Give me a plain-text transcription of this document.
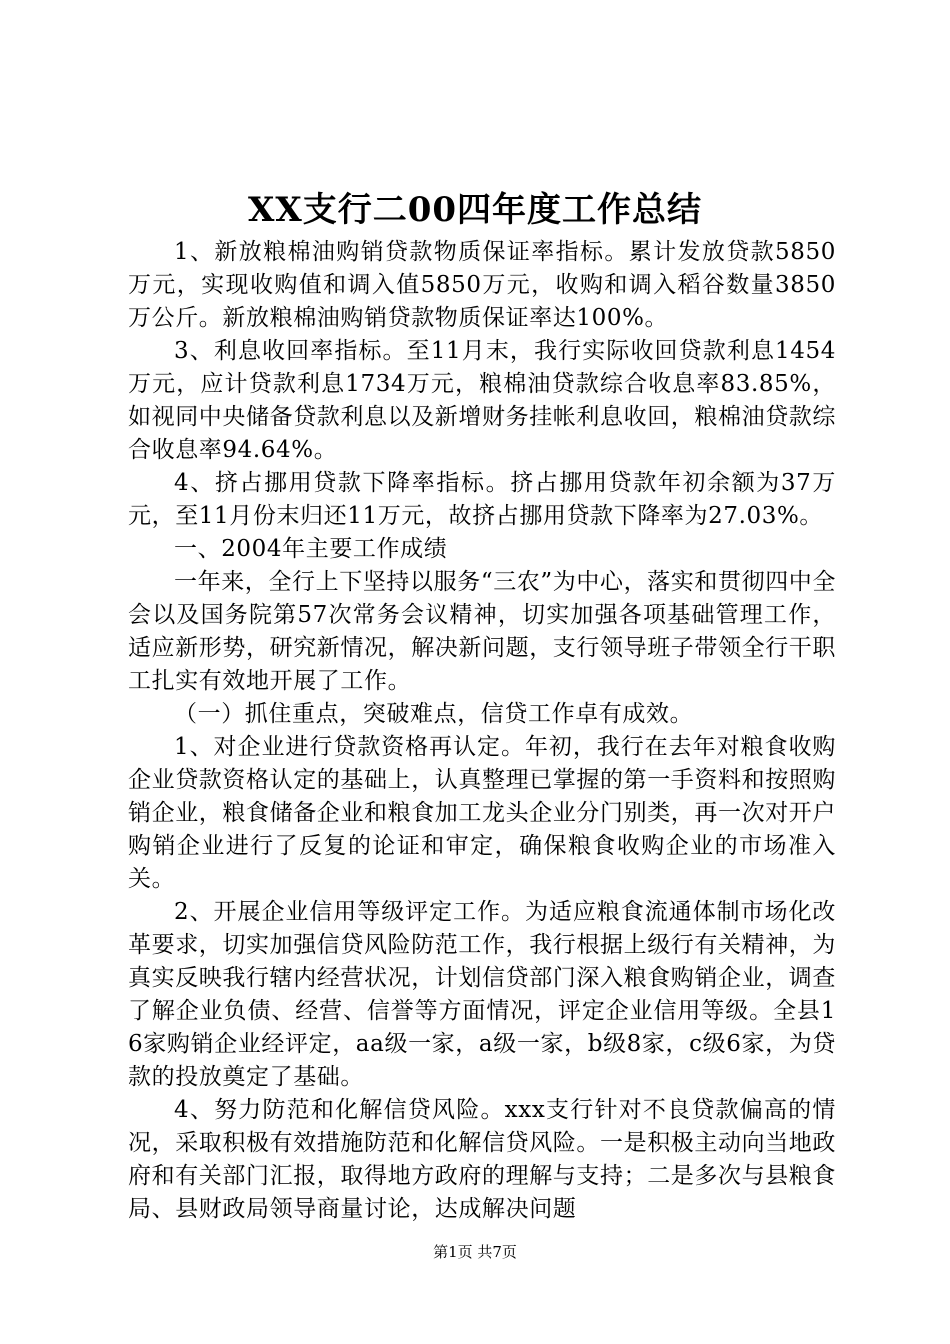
XX支行二00四年度工作总结

1、新放粮棉油购销贷款物质保证率指标。累计发放贷款5850万元，实现收购值和调入值5850万元，收购和调入稻谷数量3850万公斤。新放粮棉油购销贷款物质保证率达100%。

3、利息收回率指标。至11月末，我行实际收回贷款利息1454万元，应计贷款利息1734万元，粮棉油贷款综合收息率83.85%，如视同中央储备贷款利息以及新增财务挂帐利息收回，粮棉油贷款综合收息率94.64%。

4、挤占挪用贷款下降率指标。挤占挪用贷款年初余额为37万元，至11月份末归还11万元，故挤占挪用贷款下降率为27.03%。

一、2004年主要工作成绩

一年来，全行上下坚持以服务“三农”为中心，落实和贯彻四中全会以及国务院第57次常务会议精神，切实加强各项基础管理工作，适应新形势，研究新情况，解决新问题，支行领导班子带领全行干职工扎实有效地开展了工作。

（一）抓住重点，突破难点，信贷工作卓有成效。

1、对企业进行贷款资格再认定。年初，我行在去年对粮食收购企业贷款资格认定的基础上，认真整理已掌握的第一手资料和按照购销企业，粮食储备企业和粮食加工龙头企业分门别类，再一次对开户购销企业进行了反复的论证和审定，确保粮食收购企业的市场准入关。

2、开展企业信用等级评定工作。为适应粮食流通体制市场化改革要求，切实加强信贷风险防范工作，我行根据上级行有关精神，为真实反映我行辖内经营状况，计划信贷部门深入粮食购销企业，调查了解企业负债、经营、信誉等方面情况，评定企业信用等级。全县16家购销企业经评定，aa级一家，a级一家，b级8家，c级6家，为贷款的投放奠定了基础。

4、努力防范和化解信贷风险。xxx支行针对不良贷款偏高的情况，采取积极有效措施防范和化解信贷风险。一是积极主动向当地政府和有关部门汇报，取得地方政府的理解与支持；二是多次与县粮食局、县财政局领导商量讨论，达成解决问题

第1页 共7页
